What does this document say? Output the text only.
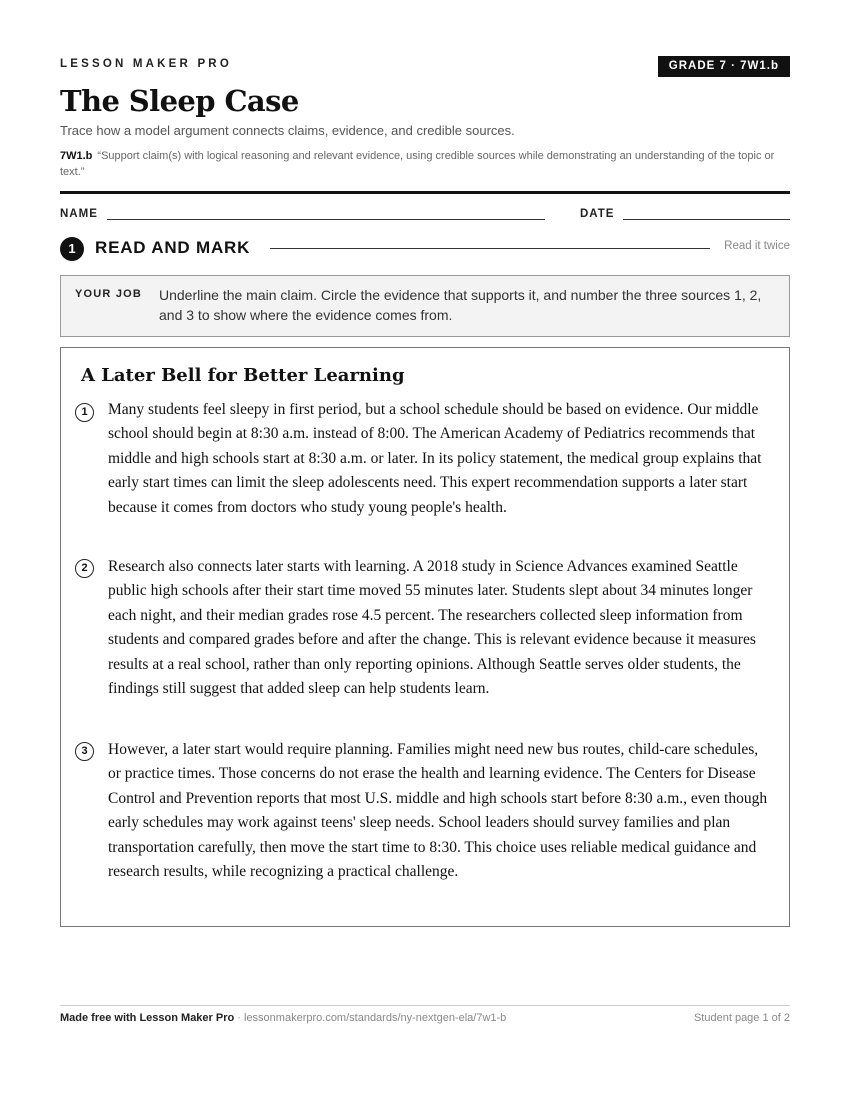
LESSON MAKER PRO	GRADE 7 · 7W1.b
The Sleep Case
Trace how a model argument connects claims, evidence, and credible sources.
7W1.b “Support claim(s) with logical reasoning and relevant evidence, using credible sources while demonstrating an understanding of the topic or text.”
NAME	DATE
1	READ AND MARK	Read it twice
YOUR JOB Underline the main claim. Circle the evidence that supports it, and number the three sources 1, 2, and 3 to show where the evidence comes from.
A Later Bell for Better Learning
1	Many students feel sleepy in first period, but a school schedule should be based on evidence. Our middle school should begin at 8:30 a.m. instead of 8:00. The American Academy of Pediatrics recommends that middle and high schools start at 8:30 a.m. or later. In its policy statement, the medical group explains that early start times can limit the sleep adolescents need. This expert recommendation supports a later start because it comes from doctors who study young people's health.
2	Research also connects later starts with learning. A 2018 study in Science Advances examined Seattle public high schools after their start time moved 55 minutes later. Students slept about 34 minutes longer each night, and their median grades rose 4.5 percent. The researchers collected sleep information from students and compared grades before and after the change. This is relevant evidence because it measures results at a real school, rather than only reporting opinions. Although Seattle serves older students, the findings still suggest that added sleep can help students learn.
3	However, a later start would require planning. Families might need new bus routes, child-care schedules, or practice times. Those concerns do not erase the health and learning evidence. The Centers for Disease Control and Prevention reports that most U.S. middle and high schools start before 8:30 a.m., even though early schedules may work against teens' sleep needs. School leaders should survey families and plan transportation carefully, then move the start time to 8:30. This choice uses reliable medical guidance and research results, while recognizing a practical challenge.
Made free with Lesson Maker Pro · lessonmakerpro.com/standards/ny-nextgen-ela/7w1-b	Student page 1 of 2
